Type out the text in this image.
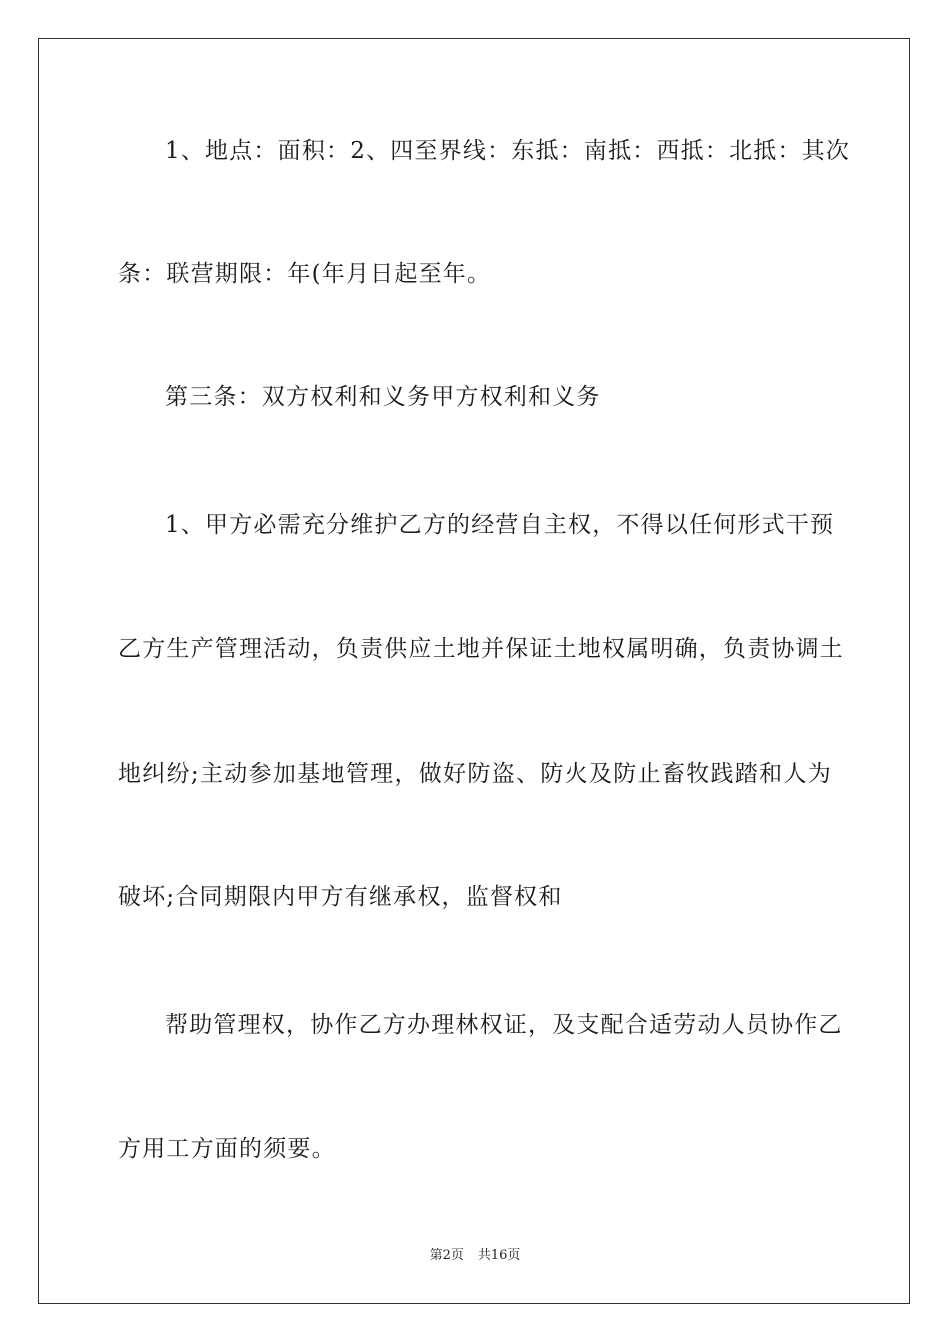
1、地点：面积：2、四至界线：东抵：南抵：西抵：北抵：其次
条：联营期限：年(年月日起至年。
第三条：双方权利和义务甲方权利和义务
1、甲方必需充分维护乙方的经营自主权，不得以任何形式干预
乙方生产管理活动，负责供应土地并保证土地权属明确，负责协调土
地纠纷;主动参加基地管理，做好防盗、防火及防止畜牧践踏和人为
破坏;合同期限内甲方有继承权，监督权和
帮助管理权，协作乙方办理林权证，及支配合适劳动人员协作乙
方用工方面的须要。
第2页 共16页
